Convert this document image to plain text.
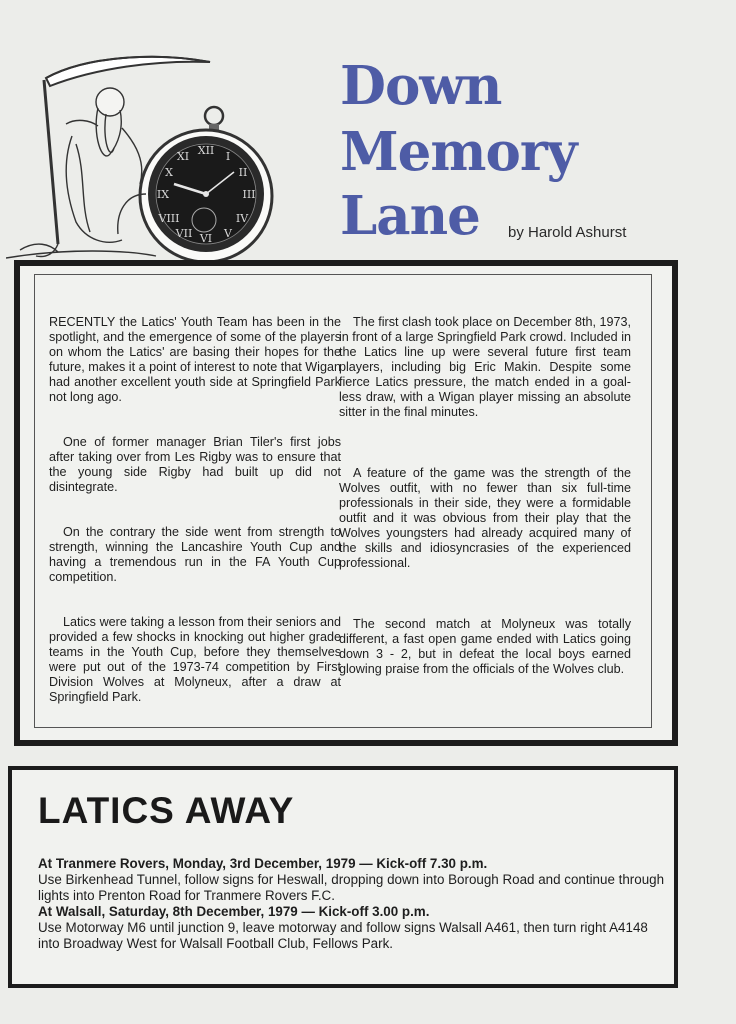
XII
III
VI
IX
I
II
IV
V
VII
VIII
X
XI
Down
Memory
Lane by Harold Ashurst

RECENTLY the Latics' Youth Team has been in the spotlight, and the emergence of some of the players on whom the Latics' are basing their hopes for the future, makes it a point of interest to note that Wigan had another excellent youth side at Springfield Park not long ago.

One of former manager Brian Tiler's first jobs after taking over from Les Rigby was to ensure that the young side Rigby had built up did not disintegrate.

On the contrary the side went from strength to strength, winning the Lancashire Youth Cup and having a tremendous run in the FA Youth Cup competition.

Latics were taking a lesson from their seniors and provided a few shocks in knocking out higher grade teams in the Youth Cup, before they themselves were put out of the 1973-74 competition by First Division Wolves at Molyneux, after a draw at Springfield Park.

The first clash took place on December 8th, 1973, in front of a large Springfield Park crowd. Included in the Latics line up were several future first team players, including big Eric Makin. Despite some fierce Latics pressure, the match ended in a goal-less draw, with a Wigan player missing an absolute sitter in the final minutes.

A feature of the game was the strength of the Wolves outfit, with no fewer than six full-time professionals in their side, they were a formidable outfit and it was obvious from their play that the Wolves youngsters had already acquired many of the skills and idiosyncrasies of the experienced professional.

The second match at Molyneux was totally different, a fast open game ended with Latics going down 3 - 2, but in defeat the local boys earned glowing praise from the officials of the Wolves club.

LATICS AWAY
At Tranmere Rovers, Monday, 3rd December, 1979 — Kick-off 7.30 p.m.
Use Birkenhead Tunnel, follow signs for Heswall, dropping down into Borough Road and continue through lights into Prenton Road for Tranmere Rovers F.C.
At Walsall, Saturday, 8th December, 1979 — Kick-off 3.00 p.m.
Use Motorway M6 until junction 9, leave motorway and follow signs Walsall A461, then turn right A4148 into Broadway West for Walsall Football Club, Fellows Park.
